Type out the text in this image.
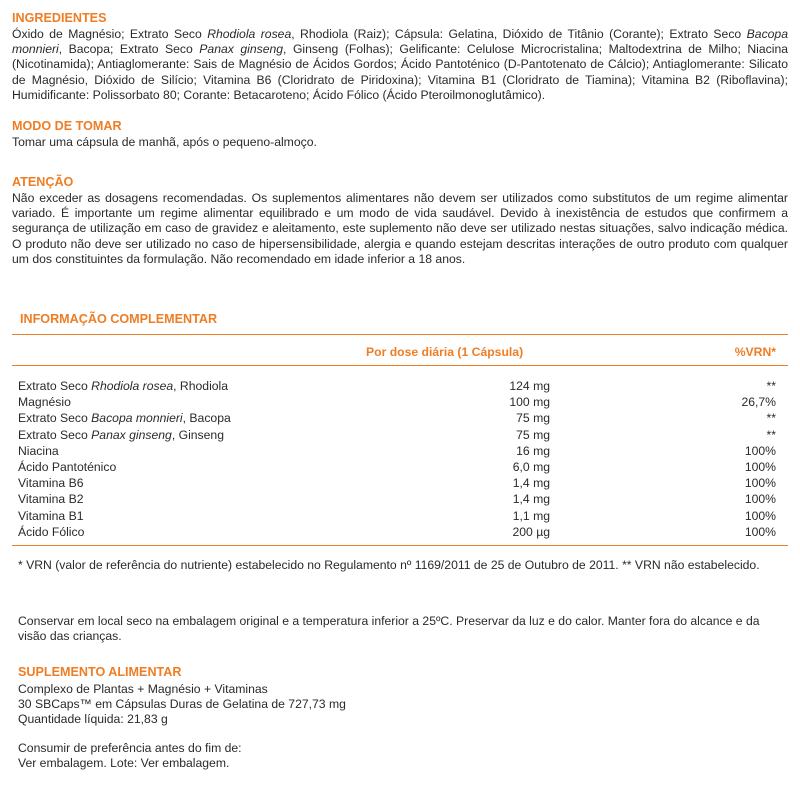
INGREDIENTES
Óxido de Magnésio; Extrato Seco Rhodiola rosea, Rhodiola (Raiz); Cápsula: Gelatina, Dióxido de Titânio (Corante); Extrato Seco Bacopa monnieri, Bacopa; Extrato Seco Panax ginseng, Ginseng (Folhas); Gelificante: Celulose Microcristalina; Maltodextrina de Milho; Niacina (Nicotinamida); Antiaglomerante: Sais de Magnésio de Ácidos Gordos; Ácido Pantoténico (D-Pantotenato de Cálcio); Antiaglomerante: Silicato de Magnésio, Dióxido de Silício; Vitamina B6 (Cloridrato de Piridoxina); Vitamina B1 (Cloridrato de Tiamina); Vitamina B2 (Riboflavina); Humidificante: Polissorbato 80; Corante: Betacaroteno; Ácido Fólico (Ácido Pteroilmonoglutâmico).
MODO DE TOMAR
Tomar uma cápsula de manhã, após o pequeno-almoço.
ATENÇÃO
Não exceder as dosagens recomendadas. Os suplementos alimentares não devem ser utilizados como substitutos de um regime alimentar variado. É importante um regime alimentar equilibrado e um modo de vida saudável. Devido à inexistência de estudos que confirmem a segurança de utilização em caso de gravidez e aleitamento, este suplemento não deve ser utilizado nestas situações, salvo indicação médica. O produto não deve ser utilizado no caso de hipersensibilidade, alergia e quando estejam descritas interações de outro produto com qualquer um dos constituintes da formulação. Não recomendado em idade inferior a 18 anos.
INFORMAÇÃO COMPLEMENTAR
Por dose diária (1 Cápsula)	%VRN*
Extrato Seco Rhodiola rosea, Rhodiola	124 mg	**
Magnésio	100 mg	26,7%
Extrato Seco Bacopa monnieri, Bacopa	75 mg	**
Extrato Seco Panax ginseng, Ginseng	75 mg	**
Niacina	16 mg	100%
Ácido Pantoténico	6,0 mg	100%
Vitamina B6	1,4 mg	100%
Vitamina B2	1,4 mg	100%
Vitamina B1	1,1 mg	100%
Ácido Fólico	200 µg	100%
* VRN (valor de referência do nutriente) estabelecido no Regulamento nº 1169/2011 de 25 de Outubro de 2011. ** VRN não estabelecido.
Conservar em local seco na embalagem original e a temperatura inferior a 25ºC. Preservar da luz e do calor. Manter fora do alcance e da visão das crianças.
SUPLEMENTO ALIMENTAR
Complexo de Plantas + Magnésio + Vitaminas
30 SBCaps™ em Cápsulas Duras de Gelatina de 727,73 mg
Quantidade líquida: 21,83 g
Consumir de preferência antes do fim de:
Ver embalagem. Lote: Ver embalagem.
